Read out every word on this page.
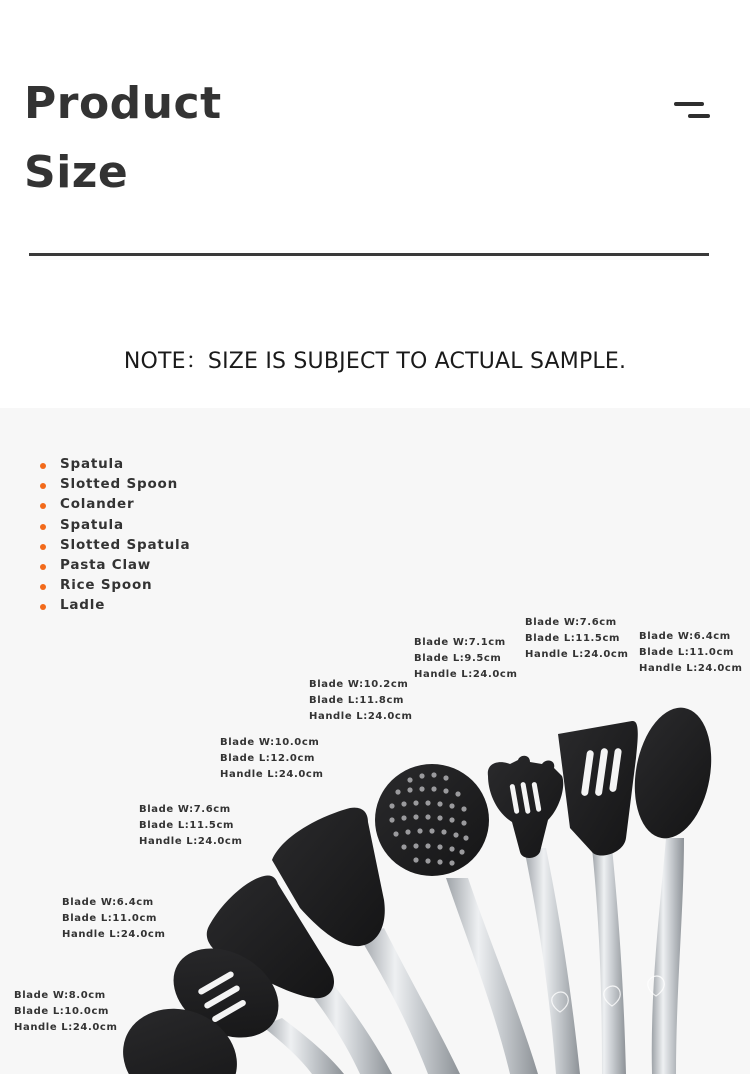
Product
Size
NOTE：SIZE IS SUBJECT TO ACTUAL SAMPLE.
Spatula
Slotted Spoon
Colander
Spatula
Slotted Spatula
Pasta Claw
Rice Spoon
Ladle
Blade W:8.0cm
Blade L:10.0cm
Handle L:24.0cm
Blade W:6.4cm
Blade L:11.0cm
Handle L:24.0cm
Blade W:7.6cm
Blade L:11.5cm
Handle L:24.0cm
Blade W:10.0cm
Blade L:12.0cm
Handle L:24.0cm
Blade W:10.2cm
Blade L:11.8cm
Handle L:24.0cm
Blade W:7.1cm
Blade L:9.5cm
Handle L:24.0cm
Blade W:7.6cm
Blade L:11.5cm
Handle L:24.0cm
Blade W:6.4cm
Blade L:11.0cm
Handle L:24.0cm
